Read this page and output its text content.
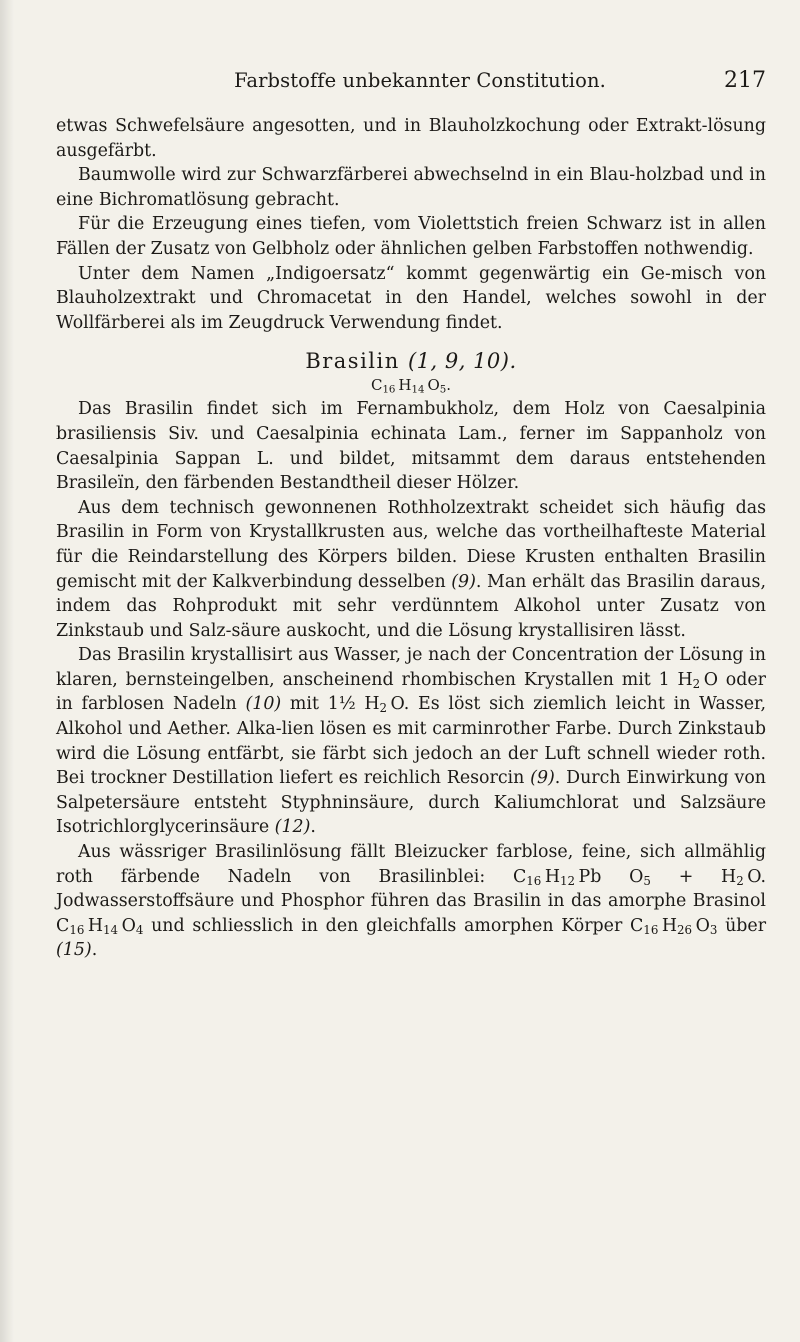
Farbstoffe unbekannter Constitution.	217

etwas Schwefelsäure angesotten, und in Blauholzkochung oder Extrakt-lösung ausgefärbt.

Baumwolle wird zur Schwarzfärberei abwechselnd in ein Blau-holzbad und in eine Bichromatlösung gebracht.

Für die Erzeugung eines tiefen, vom Violettstich freien Schwarz ist in allen Fällen der Zusatz von Gelbholz oder ähnlichen gelben Farbstoffen nothwendig.

Unter dem Namen „Indigoersatz“ kommt gegenwärtig ein Ge-misch von Blauholzextrakt und Chromacetat in den Handel, welches sowohl in der Wollfärberei als im Zeugdruck Verwendung findet.

Brasilin (1, 9, 10).
$C_{16}$  $H_{14}$  $O_5$.

Das Brasilin findet sich im Fernambukholz, dem Holz von Caesalpinia brasiliensis Siv. und Caesalpinia echinata Lam., ferner im Sappanholz von Caesalpinia Sappan L. und bildet, mitsammt dem daraus entstehenden Brasileïn, den färbenden Bestandtheil dieser Hölzer.

Aus dem technisch gewonnenen Rothholzextrakt scheidet sich häufig das Brasilin in Form von Krystallkrusten aus, welche das vortheilhafteste Material für die Reindarstellung des Körpers bilden. Diese Krusten enthalten Brasilin gemischt mit der Kalkverbindung desselben (9). Man erhält das Brasilin daraus, indem das Rohprodukt mit sehr verdünntem Alkohol unter Zusatz von Zinkstaub und Salz-säure auskocht, und die Lösung krystallisiren lässt.

Das Brasilin krystallisirt aus Wasser, je nach der Concentration der Lösung in klaren, bernsteingelben, anscheinend rhombischen Krystallen mit 1 $H_2$  O oder in farblosen Nadeln (10) mit 1½ $H_2$  O. Es löst sich ziemlich leicht in Wasser, Alkohol und Aether. Alka-lien lösen es mit carminrother Farbe. Durch Zinkstaub wird die Lösung entfärbt, sie färbt sich jedoch an der Luft schnell wieder roth. Bei trockner Destillation liefert es reichlich Resorcin (9). Durch Einwirkung von Salpetersäure entsteht Styphninsäure, durch Kaliumchlorat und Salzsäure Isotrichlorglycerinsäure (12).

Aus wässriger Brasilinlösung fällt Bleizucker farblose, feine, sich allmählig roth färbende Nadeln von Brasilinblei: $C_{16}$  $H_{12}$  Pb $O_5 + H_2$  O. Jodwasserstoffsäure und Phosphor führen das Brasilin in das amorphe Brasinol $C_{16}$  $H_{14}$  $O_4$ und schliesslich in den gleichfalls amorphen Körper $C_{16}$  $H_{26}$  $O_3$ über (15).
